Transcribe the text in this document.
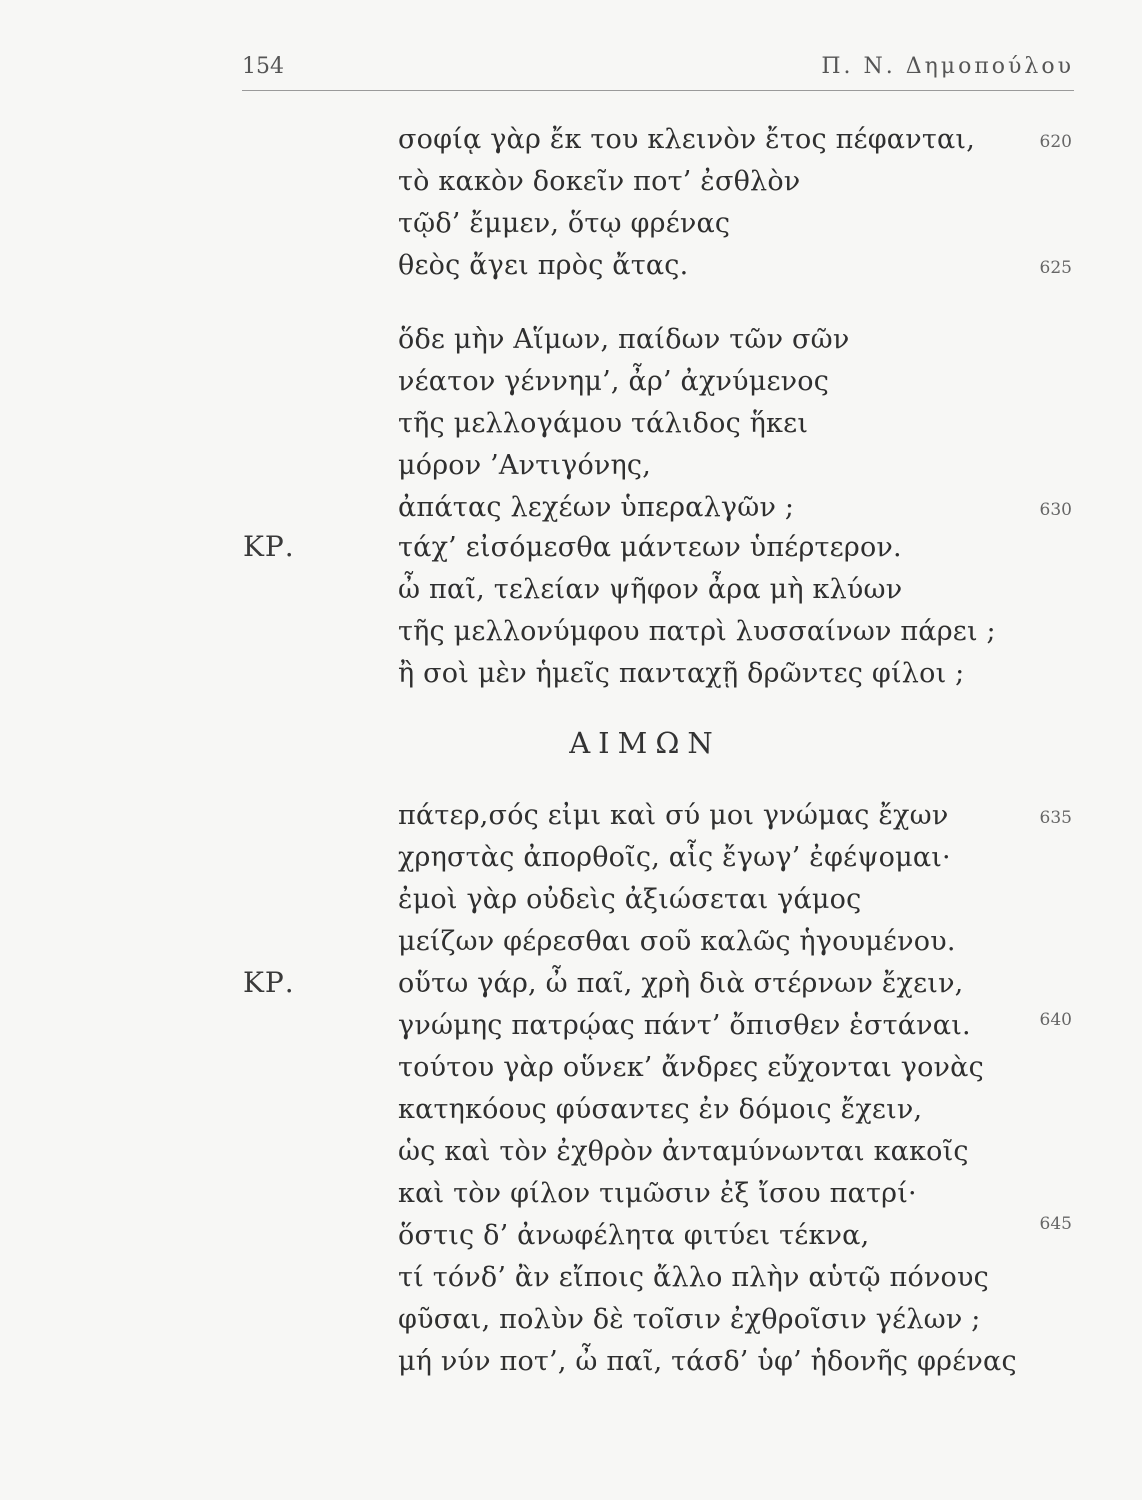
154	Π. Ν. Δημοπούλου
σοφίᾳ γὰρ ἔκ του κλεινὸν ἔτος πέφανται,
τὸ κακὸν δοκεῖν ποτ’ ἐσθλὸν
τῷδ’ ἔμμεν, ὅτῳ φρένας
θεὸς ἄγει πρὸς ἄτας.
620
625
ὅδε μὴν Αἵμων, παίδων τῶν σῶν
νέατον γέννημ’, ἆρ’ ἀχνύμενος
τῆς μελλογάμου τάλιδος ἥκει
μόρον ’Αντιγόνης,
ἀπάτας λεχέων ὑπεραλγῶν ;	630
ΚΡ.	τάχ’ εἰσόμεσθα μάντεων ὑπέρτερον.
ὦ παῖ, τελείαν ψῆφον ἆρα μὴ κλύων
τῆς μελλονύμφου πατρὶ λυσσαίνων πάρει ;
ἢ σοὶ μὲν ἡμεῖς πανταχῇ δρῶντες φίλοι ;
ΑΙΜΩΝ
πάτερ,σός εἰμι καὶ σύ μοι γνώμας ἔχων	635
χρηστὰς ἀπορθοῖς, αἷς ἔγωγ’ ἐφέψομαι·
ἐμοὶ γὰρ οὐδεὶς ἀξιώσεται γάμος
μείζων φέρεσθαι σοῦ καλῶς ἡγουμένου.
ΚΡ.	οὕτω γάρ, ὦ παῖ, χρὴ διὰ στέρνων ἔχειν,
γνώμης πατρῴας πάντ’ ὄπισθεν ἑστάναι.	640
τούτου γὰρ οὕνεκ’ ἄνδρες εὔχονται γονὰς
κατηκόους φύσαντες ἐν δόμοις ἔχειν,
ὡς καὶ τὸν ἐχθρὸν ἀνταμύνωνται κακοῖς
καὶ τὸν φίλον τιμῶσιν ἐξ ἴσου πατρί·
ὅστις δ’ ἀνωφέλητα φιτύει τέκνα,	645
τί τόνδ’ ἂν εἴποις ἄλλο πλὴν αὑτῷ πόνους
φῦσαι, πολὺν δὲ τοῖσιν ἐχθροῖσιν γέλων ;
μή νύν ποτ’, ὦ παῖ, τάσδ’ ὑφ’ ἡδονῆς φρένας
